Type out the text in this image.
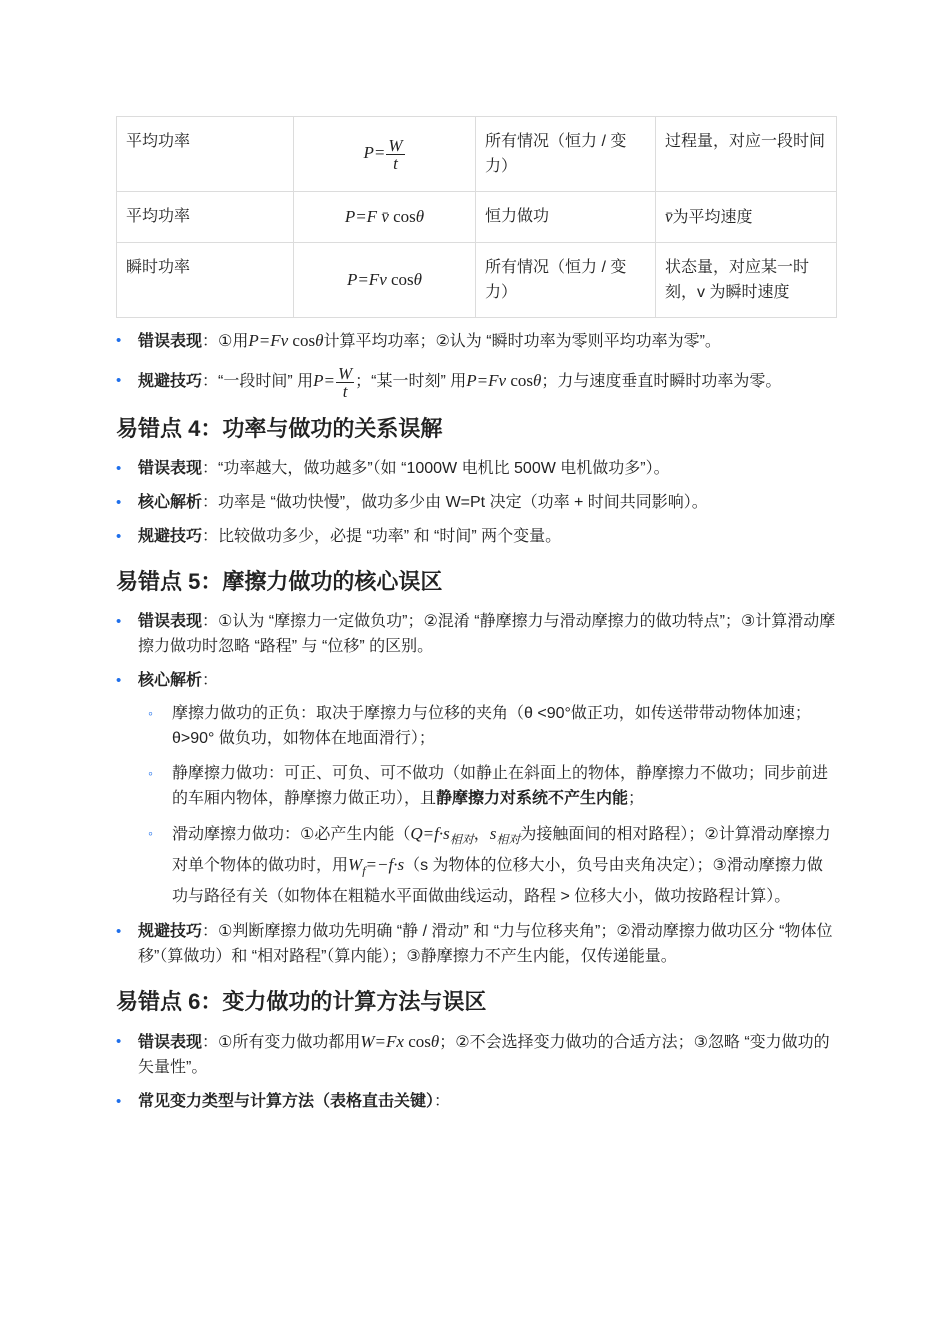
平均功率	$P= \frac{W}{t}$	所有情况（恒力 / 变力）	过程量，对应一段时间
平均功率	P=F v̄ cosθ	恒力做功	v̄为平均速度
瞬时功率	P=Fv cosθ	所有情况（恒力 / 变力）	状态量，对应某一时刻，v 为瞬时速度
• 错误表现：①用P=Fv cosθ计算平均功率；②认为 “瞬时功率为零则平均功率为零”。
• 规避技巧：“一段时间” 用$P= \frac{W}{t}$ ；“某一时刻” 用P=Fv cosθ；力与速度垂直时瞬时功率为零。
易错点 4：功率与做功的关系误解
• 错误表现：“功率越大，做功越多”（如 “1000W 电机比 500W 电机做功多”）。
• 核心解析：功率是 “做功快慢”，做功多少由 W=Pt 决定（功率 + 时间共同影响）。
• 规避技巧：比较做功多少，必提 “功率” 和 “时间” 两个变量。
易错点 5：摩擦力做功的核心误区
• 错误表现：①认为 “摩擦力一定做负功”；②混淆 “静摩擦力与滑动摩擦力的做功特点”；③计算滑动摩擦力做功时忽略 “路程” 与 “位移” 的区别。
• 核心解析：
◦ 摩擦力做功的正负：取决于摩擦力与位移的夹角（θ <90°做正功，如传送带带动物体加速；θ>90° 做负功，如物体在地面滑行）；
◦ 静摩擦力做功：可正、可负、可不做功（如静止在斜面上的物体，静摩擦力不做功；同步前进的车厢内物体，静摩擦力做正功），且静摩擦力对系统不产生内能；
◦ 滑动摩擦力做功：①必产生内能（$Q=f\cdot s_{相对}$，$s_{相对}$为接触面间的相对路程）；②计算滑动摩擦力对单个物体的做功时，用$W_f=-f\cdot s(s$ 为物体的位移大小，负号由夹角决定）；③滑动摩擦力做功与路径有关（如物体在粗糙水平面做曲线运动，路程 > 位移大小，做功按路程计算）。
• 规避技巧：①判断摩擦力做功先明确 “静 / 滑动” 和 “力与位移夹角”；②滑动摩擦力做功区分 “物体位移”（算做功）和 “相对路程”（算内能）；③静摩擦力不产生内能，仅传递能量。
易错点 6：变力做功的计算方法与误区
• 错误表现：①所有变力做功都用W=Fx cosθ；②不会选择变力做功的合适方法；③忽略 “变力做功的矢量性”。
• 常见变力类型与计算方法（表格直击关键）：
